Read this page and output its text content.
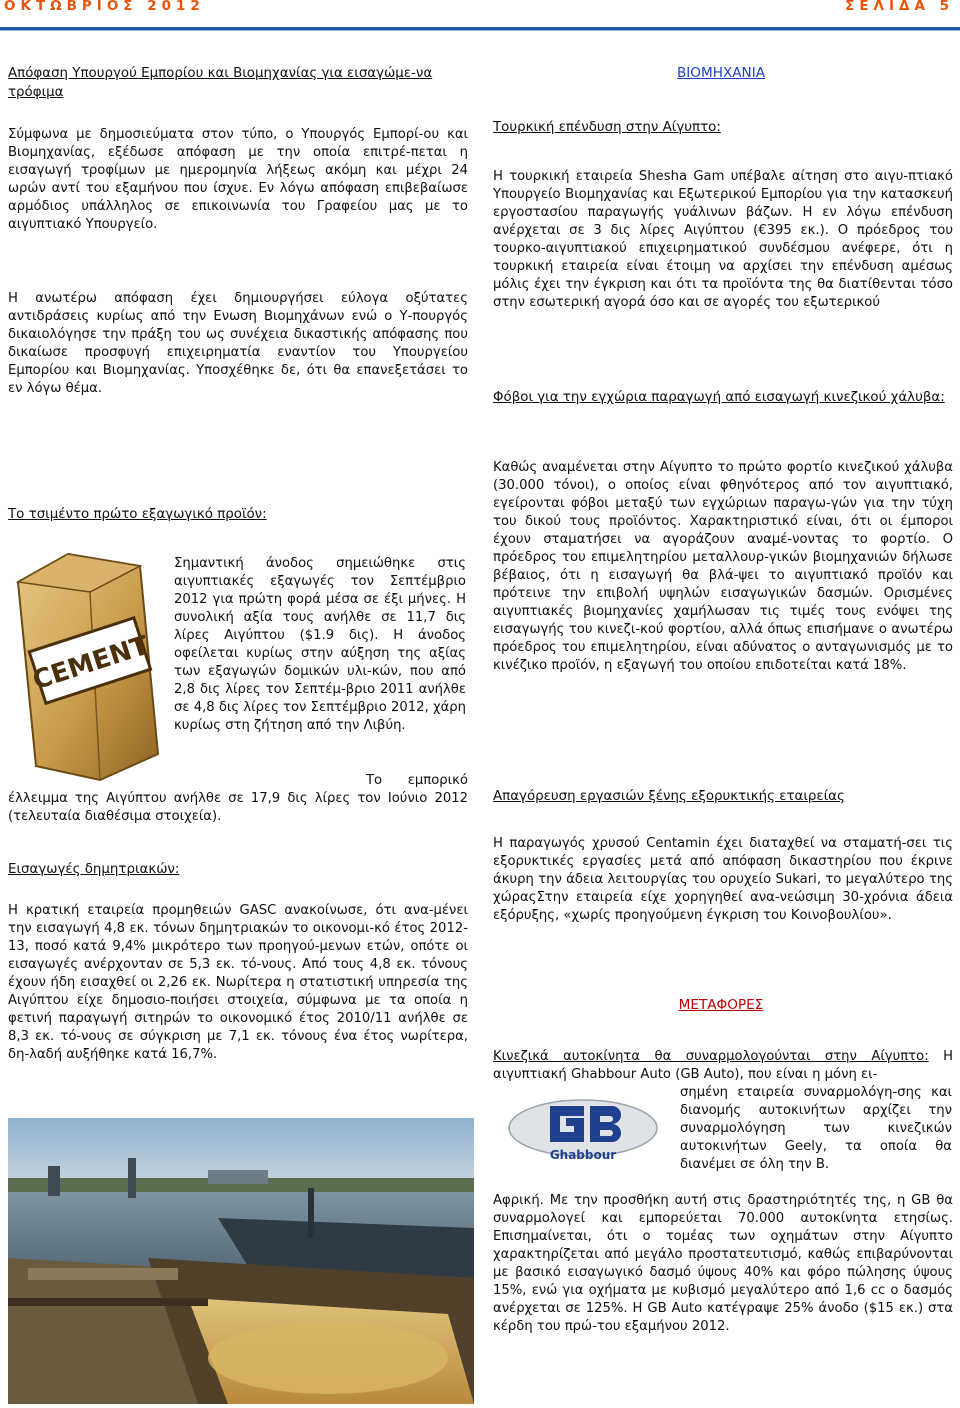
ΟΚΤΩΒΡΙΟΣ 2012	ΣΕΛΙΔΑ 5

Απόφαση Υπουργού Εμπορίου και Βιομηχανίας για εισαγώμε-να τρόφιμα

Σύμφωνα με δημοσιεύματα στον τύπο, ο Υπουργός Εμπορί-ου και Βιομηχανίας, εξέδωσε απόφαση με την οποία επιτρέ-πεται η εισαγωγή τροφίμων με ημερομηνία λήξεως ακόμη και μέχρι 24 ωρών αντί του εξαμήνου που ίσχυε. Εν λόγω απόφαση επιβεβαίωσε αρμόδιος υπάλληλος σε επικοινωνία του Γραφείου μας με το αιγυπτιακό Υπουργείο.

Η ανωτέρω απόφαση έχει δημιουργήσει εύλογα οξύτατες αντιδράσεις κυρίως από την Ενωση Βιομηχάνων ενώ ο Υ-πουργός δικαιολόγησε την πράξη του ως συνέχεια δικαστικής απόφασης που δικαίωσε προσφυγή επιχειρηματία εναντίον του Υπουργείου Εμπορίου και Βιομηχανίας. Υποσχέθηκε δε, ότι θα επανεξετάσει το εν λόγω θέμα.

Το τσιμέντο πρώτο εξαγωγικό προϊόν:

CEMENT

Σημαντική άνοδος σημειώθηκε στις αιγυπτιακές εξαγωγές τον Σεπτέμβριο 2012 για πρώτη φορά μέσα σε έξι μήνες. Η συνολική αξία τους ανήλθε σε 11,7 δις λίρες Αιγύπτου ($1.9 δις). Η άνοδος οφείλεται κυρίως στην αύξηση της αξίας των εξαγωγών δομικών υλι-κών, που από 2,8 δις λίρες τον Σεπτέμ-βριο 2011 ανήλθε σε 4,8 δις λίρες τον Σεπτέμβριο 2012, χάρη κυρίως στη ζήτηση από την Λιβύη.

Το εμπορικό έλλειμμα της Αιγύπτου ανήλθε σε 17,9 δις λίρες τον Ιούνιο 2012 (τελευταία διαθέσιμα στοιχεία).

Εισαγωγές δημητριακών:

Η κρατική εταιρεία προμηθειών GASC ανακοίνωσε, ότι ανα-μένει την εισαγωγή 4,8 εκ. τόνων δημητριακών το οικονομι-κό έτος 2012-13, ποσό κατά 9,4% μικρότερο των προηγού-μενων ετών, οπότε οι εισαγωγές ανέρχονταν σε 5,3 εκ. τό-νους. Από τους 4,8 εκ. τόνους έχουν ήδη εισαχθεί οι 2,26 εκ. Νωρίτερα η στατιστική υπηρεσία της Αιγύπτου είχε δημοσιο-ποιήσει στοιχεία, σύμφωνα με τα οποία η φετινή παραγωγή σιτηρών το οικονομικό έτος 2010/11 ανήλθε σε 8,3 εκ. τό-νους σε σύγκριση με 7,1 εκ. τόνους ένα έτος νωρίτερα, δη-λαδή αυξήθηκε κατά 16,7%.

ΒΙΟΜΗΧΑΝΙΑ

Τουρκική επένδυση στην Αίγυπτο:

Η τουρκική εταιρεία Shesha Gam υπέβαλε αίτηση στο αιγυ-πτιακό Υπουργείο Βιομηχανίας και Εξωτερικού Εμπορίου για την κατασκευή εργοστασίου παραγωγής γυάλινων βάζων. Η εν λόγω επένδυση ανέρχεται σε 3 δις λίρες Αιγύπτου (€395 εκ.). Ο πρόεδρος του τουρκο-αιγυπτιακού επιχειρηματικού συνδέσμου ανέφερε, ότι η τουρκική εταιρεία είναι έτοιμη να αρχίσει την επένδυση αμέσως μόλις έχει την έγκριση και ότι τα προϊόντα της θα διατίθενται τόσο στην εσωτερική αγορά όσο και σε αγορές του εξωτερικού

Φόβοι για την εγχώρια παραγωγή από εισαγωγή κινεζικού χάλυβα:

Καθώς αναμένεται στην Αίγυπτο το πρώτο φορτίο κινεζικού χάλυβα (30.000 τόνοι), ο οποίος είναι φθηνότερος από τον αιγυπτιακό, εγείρονται φόβοι μεταξύ των εγχώριων παραγω-γών για την τύχη του δικού τους προϊόντος. Χαρακτηριστικό είναι, ότι οι έμποροι έχουν σταματήσει να αγοράζουν αναμέ-νοντας το φορτίο. Ο πρόεδρος του επιμελητηρίου μεταλλουρ-γικών βιομηχανιών δήλωσε βέβαιος, ότι η εισαγωγή θα βλά-ψει το αιγυπτιακό προϊόν και πρότεινε την επιβολή υψηλών εισαγωγικών δασμών. Ορισμένες αιγυπτιακές βιομηχανίες χαμήλωσαν τις τιμές τους ενόψει της εισαγωγής του κινεζι-κού φορτίου, αλλά όπως επισήμανε ο ανωτέρω πρόεδρος του επιμελητηρίου, είναι αδύνατος ο ανταγωνισμός με το κινέζικο προϊόν, η εξαγωγή του οποίου επιδοτείται κατά 18%.

Απαγόρευση εργασιών ξένης εξορυκτικής εταιρείας

Η παραγωγός χρυσού Centamin έχει διαταχθεί να σταματή-σει τις εξορυκτικές εργασίες μετά από απόφαση δικαστηρίου που έκρινε άκυρη την άδεια λειτουργίας του ορυχείο Sukari, το μεγαλύτερο της χώραςΣτην εταιρεία είχε χορηγηθεί ανα-νεώσιμη 30-χρόνια άδεια εξόρυξης, «χωρίς προηγούμενη έγκριση του Κοινοβουλίου».

ΜΕΤΑΦΟΡΕΣ

Κινεζικά αυτοκίνητα θα συναρμολογούνται στην Αίγυπτο: Η αιγυπτιακή Ghabbour Auto (GB Auto), που είναι η μόνη ει-

Ghabbour

σημένη εταιρεία συναρμολόγη-σης και διανομής αυτοκινήτων αρχίζει την συναρμολόγηση των κινεζικών αυτοκινήτων Geely, τα οποία θα διανέμει σε όλη την Β.

Αφρική. Με την προσθήκη αυτή στις δραστηριότητές της, η GB θα συναρμολογεί και εμπορεύεται 70.000 αυτοκίνητα ετησίως. Επισημαίνεται, ότι ο τομέας των οχημάτων στην Αίγυπτο χαρακτηρίζεται από μεγάλο προστατευτισμό, καθώς επιβαρύνονται με βασικό εισαγωγικό δασμό ύψους 40% και φόρο πώλησης ύψους 15%, ενώ για οχήματα με κυβισμό μεγαλύτερο από 1,6 cc ο δασμός ανέρχεται σε 125%. Η GB Auto κατέγραψε 25% άνοδο ($15 εκ.) στα κέρδη του πρώ-του εξαμήνου 2012.
